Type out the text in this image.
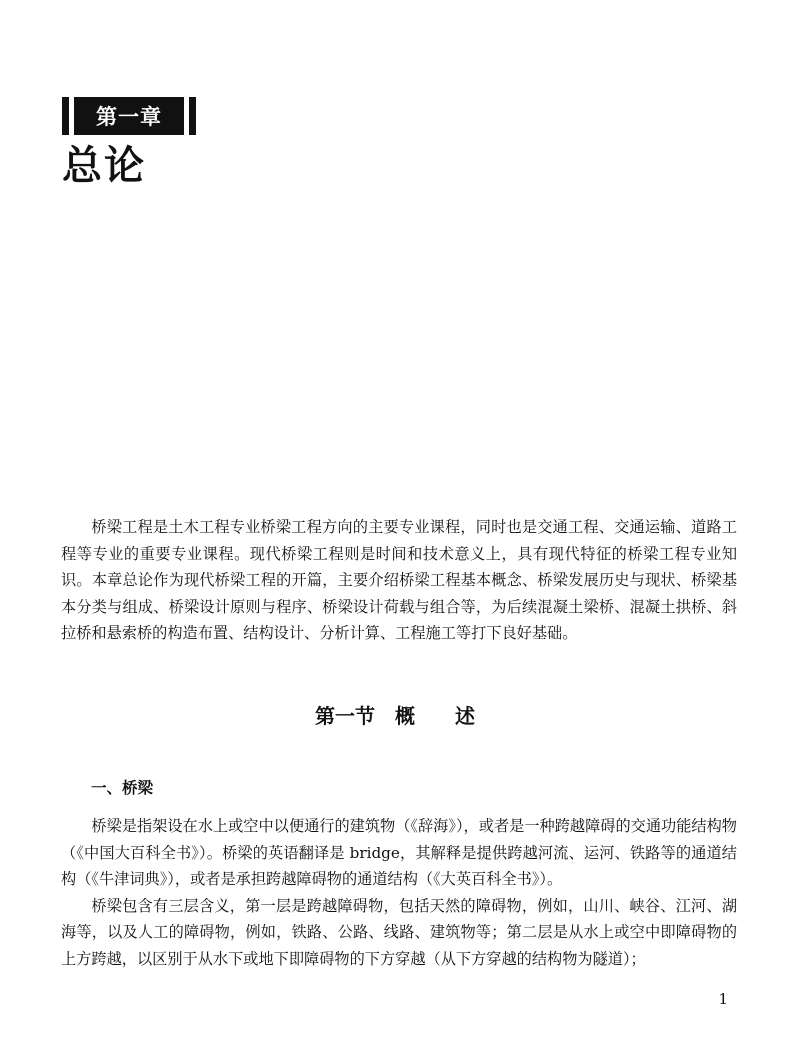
第一章
总论

桥梁工程是土木工程专业桥梁工程方向的主要专业课程，同时也是交通工程、交通运输、道路工程等专业的重要专业课程。现代桥梁工程则是时间和技术意义上，具有现代特征的桥梁工程专业知识。本章总论作为现代桥梁工程的开篇，主要介绍桥梁工程基本概念、桥梁发展历史与现状、桥梁基本分类与组成、桥梁设计原则与程序、桥梁设计荷载与组合等，为后续混凝土梁桥、混凝土拱桥、斜拉桥和悬索桥的构造布置、结构设计、分析计算、工程施工等打下良好基础。

第一节　概　　述
一、桥梁

桥梁是指架设在水上或空中以便通行的建筑物（《辞海》），或者是一种跨越障碍的交通功能结构物（《中国大百科全书》）。桥梁的英语翻译是 bridge，其解释是提供跨越河流、运河、铁路等的通道结构（《牛津词典》），或者是承担跨越障碍物的通道结构（《大英百科全书》）。

桥梁包含有三层含义，第一层是跨越障碍物，包括天然的障碍物，例如，山川、峡谷、江河、湖海等，以及人工的障碍物，例如，铁路、公路、线路、建筑物等；第二层是从水上或空中即障碍物的上方跨越，以区别于从水下或地下即障碍物的下方穿越（从下方穿越的结构物为隧道）；

1
